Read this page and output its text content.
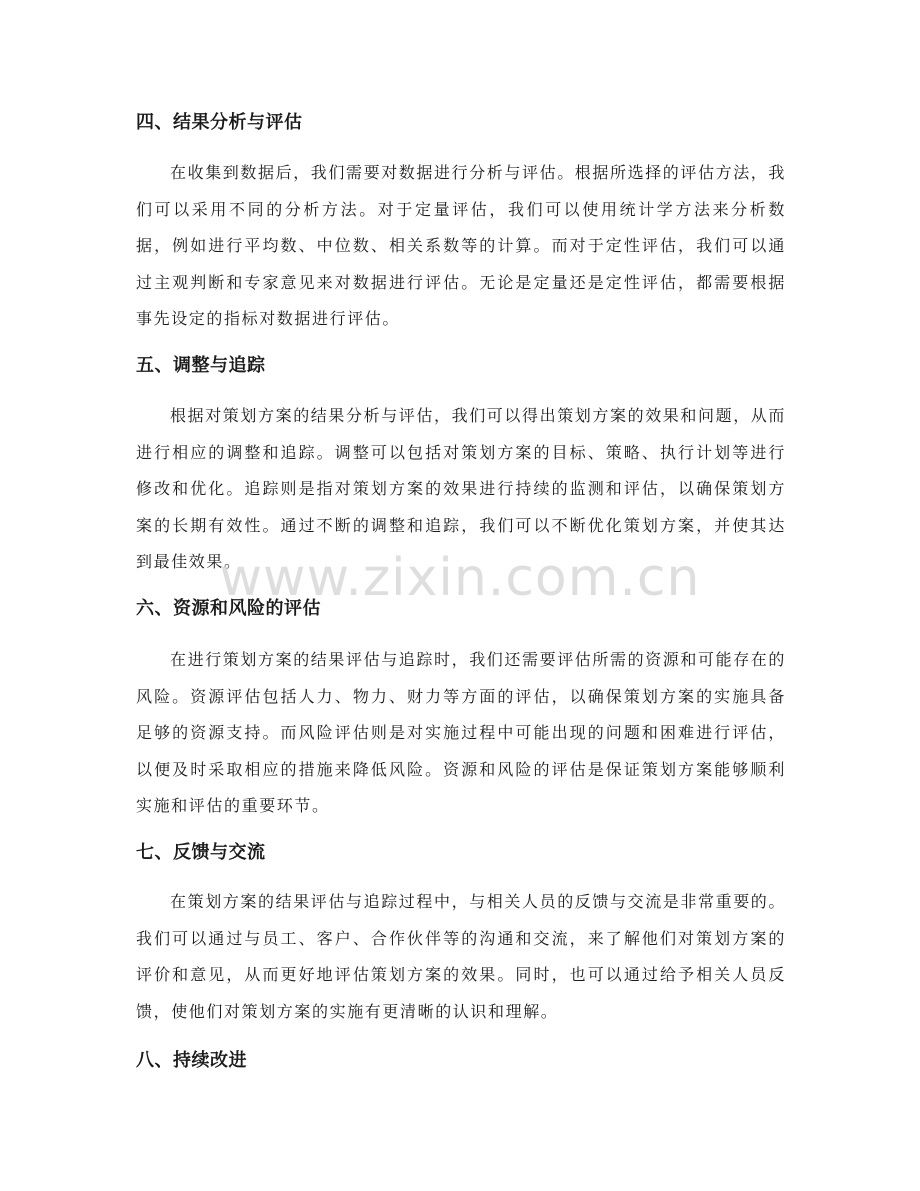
四、结果分析与评估

在收集到数据后，我们需要对数据进行分析与评估。根据所选择的评估方法，我们可以采用不同的分析方法。对于定量评估，我们可以使用统计学方法来分析数据，例如进行平均数、中位数、相关系数等的计算。而对于定性评估，我们可以通过主观判断和专家意见来对数据进行评估。无论是定量还是定性评估，都需要根据事先设定的指标对数据进行评估。

五、调整与追踪

根据对策划方案的结果分析与评估，我们可以得出策划方案的效果和问题，从而进行相应的调整和追踪。调整可以包括对策划方案的目标、策略、执行计划等进行修改和优化。追踪则是指对策划方案的效果进行持续的监测和评估，以确保策划方案的长期有效性。通过不断的调整和追踪，我们可以不断优化策划方案，并使其达到最佳效果。

六、资源和风险的评估

在进行策划方案的结果评估与追踪时，我们还需要评估所需的资源和可能存在的风险。资源评估包括人力、物力、财力等方面的评估，以确保策划方案的实施具备足够的资源支持。而风险评估则是对实施过程中可能出现的问题和困难进行评估，以便及时采取相应的措施来降低风险。资源和风险的评估是保证策划方案能够顺利实施和评估的重要环节。

七、反馈与交流

在策划方案的结果评估与追踪过程中，与相关人员的反馈与交流是非常重要的。我们可以通过与员工、客户、合作伙伴等的沟通和交流，来了解他们对策划方案的评价和意见，从而更好地评估策划方案的效果。同时，也可以通过给予相关人员反馈，使他们对策划方案的实施有更清晰的认识和理解。

八、持续改进
www.zixin.com.cn
